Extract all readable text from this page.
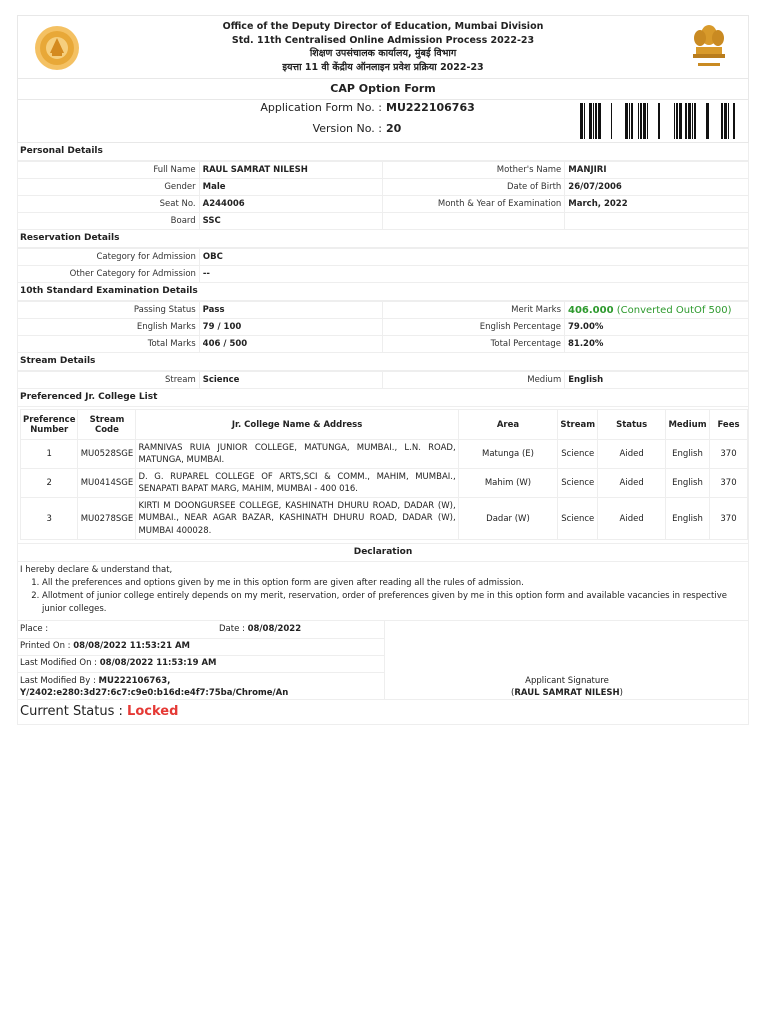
Office of the Deputy Director of Education, Mumbai Division
Std. 11th Centralised Online Admission Process 2022-23
शिक्षण उपसंचालक कार्यालय, मुंबई विभाग
इयत्ता 11 वी केंद्रीय ऑनलाइन प्रवेश प्रक्रिया 2022-23
CAP Option Form
Application Form No. : MU222106763
Version No. : 20
Personal Details
Full Name	RAUL SAMRAT NILESH	Mother's Name	MANJIRI
Gender	Male	Date of Birth	26/07/2006
Seat No.	A244006	Month & Year of Examination	March, 2022
Board	SSC		
Reservation Details
Category for Admission	OBC
Other Category for Admission	--
10th Standard Examination Details
Passing Status	Pass	Merit Marks	406.000 (Converted OutOf 500)
English Marks	79 / 100	English Percentage	79.00%
Total Marks	406 / 500	Total Percentage	81.20%
Stream Details
Stream	Science	Medium	English
Preferenced Jr. College List
Preference Number	Stream Code	Jr. College Name & Address	Area	Stream	Status	Medium	Fees
1	MU0528SGE	RAMNIVAS RUIA JUNIOR COLLEGE, MATUNGA, MUMBAI., L.N. ROAD, MATUNGA, MUMBAI.	Matunga (E)	Science	Aided	English	370
2	MU0414SGE	D. G. RUPAREL COLLEGE OF ARTS,SCI & COMM., MAHIM, MUMBAI., SENAPATI BAPAT MARG, MAHIM, MUMBAI - 400 016.	Mahim (W)	Science	Aided	English	370
3	MU0278SGE	KIRTI M DOONGURSEE COLLEGE, KASHINATH DHURU ROAD, DADAR (W), MUMBAI., NEAR AGAR BAZAR, KASHINATH DHURU ROAD, DADAR (W), MUMBAI 400028.	Dadar (W)	Science	Aided	English	370
Declaration
I hereby declare & understand that,
1. All the preferences and options given by me in this option form are given after reading all the rules of admission.
2. Allotment of junior college entirely depends on my merit, reservation, order of preferences given by me in this option form and available vacancies in respective junior colleges.
Place :	Date : 08/08/2022
Printed On : 08/08/2022 11:53:21 AM
Last Modified On : 08/08/2022 11:53:19 AM
Last Modified By : MU222106763,
Y/2402:e280:3d27:6c7:c9e0:b16d:e4f7:75ba/Chrome/An
Applicant Signature
(RAUL SAMRAT NILESH)
Current Status : Locked
